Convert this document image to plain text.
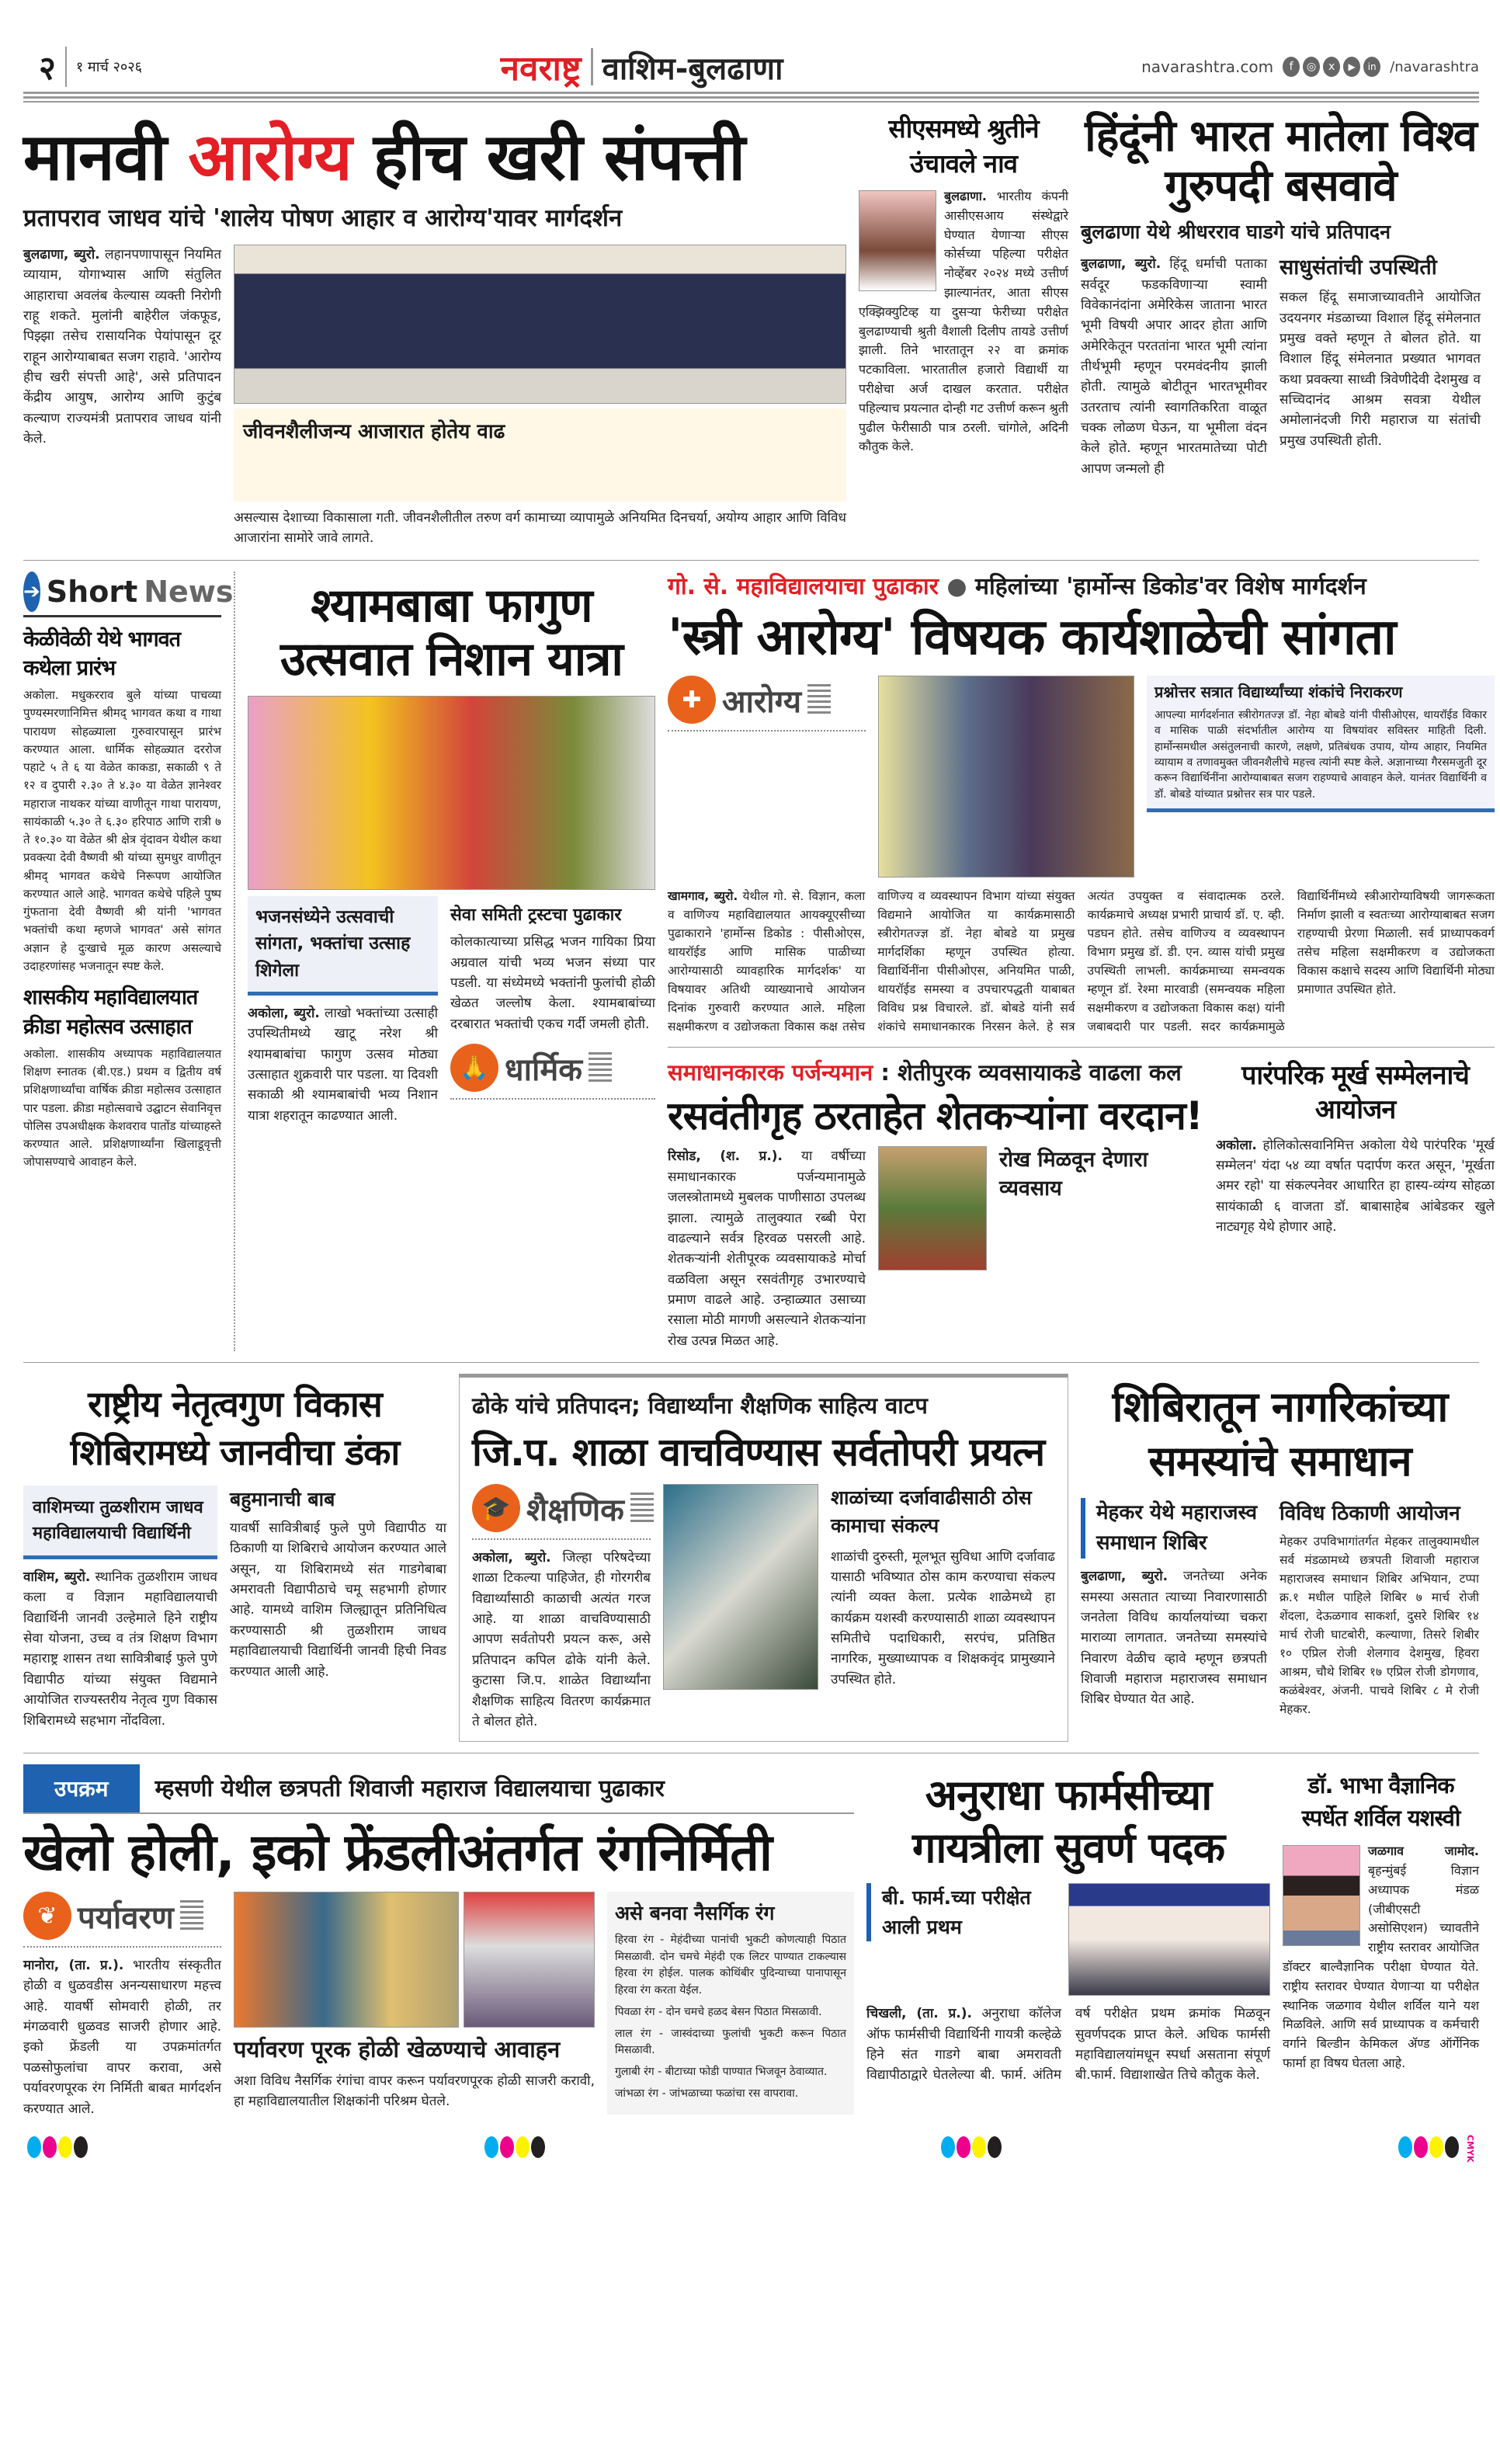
२ १ मार्च २०२६	नवराष्ट्र वाशिम-बुलढाणा	navarashtra.com	f	◎	x	▶	in /navarashtra
मानवी आरोग्य हीच खरी संपत्ती
प्रतापराव जाधव यांचे 'शालेय पोषण आहार व आरोग्य'यावर मार्गदर्शन
बुलढाणा, ब्युरो. लहानपणापासून नियमित व्यायाम, योगाभ्यास आणि संतुलित आहाराचा अवलंब केल्यास व्यक्ती निरोगी राहू शकते. मुलांनी बाहेरील जंकफूड, पिझ्झा तसेच रासायनिक पेयांपासून दूर राहून आरोग्याबाबत सजग राहावे. 'आरोग्य हीच खरी संपत्ती आहे', असे प्रतिपादन केंद्रीय आयुष, आरोग्य आणि कुटुंब कल्याण राज्यमंत्री प्रतापराव जाधव यांनी केले.	जीवनशैलीजन्य आजारात होतेय वाढ
असल्यास देशाच्या विकासाला गती. जीवनशैलीतील तरुण वर्ग कामाच्या व्यापामुळे अनियमित दिनचर्या, अयोग्य आहार आणि विविध आजारांना सामोरे जावे लागते.
सीएसमध्ये श्रुतीने उंचावले नाव
बुलढाणा. भारतीय कंपनी आसीएसआय संस्थेद्वारे घेण्यात येणाऱ्या सीएस कोर्सच्या पहिल्या परीक्षेत नोव्हेंबर २०२४ मध्ये उत्तीर्ण झाल्यानंतर, आता सीएस एक्झिक्युटिव्ह या दुसऱ्या फेरीच्या परीक्षेत बुलढाण्याची श्रुती वैशाली दिलीप तायडे उत्तीर्ण झाली. तिने भारतातून २२ वा क्रमांक पटकाविला. भारतातील हजारो विद्यार्थी या परीक्षेचा अर्ज दाखल करतात. परीक्षेत पहिल्याच प्रयत्नात दोन्ही गट उत्तीर्ण करून श्रुती पुढील फेरीसाठी पात्र ठरली. चांगोले, अदिनी कौतुक केले.
हिंदूंनी भारत मातेला विश्व गुरुपदी बसवावे
बुलढाणा येथे श्रीधरराव घाडगे यांचे प्रतिपादन
बुलढाणा, ब्युरो. हिंदू धर्माची पताका सर्वदूर फडकविणाऱ्या स्वामी विवेकानंदांना अमेरिकेस जाताना भारत भूमी विषयी अपार आदर होता आणि अमेरिकेतून परततांना भारत भूमी त्यांना तीर्थभूमी म्हणून परमवंदनीय झाली होती. त्यामुळे बोटीतून भारतभूमीवर उतरताच त्यांनी स्वागतिकरिता वाळूत चक्क लोळण घेऊन, या भूमीला वंदन केले होते. म्हणून भारतमातेच्या पोटी आपण जन्मलो ही
साधुसंतांची उपस्थिती
सकल हिंदू समाजाच्यावतीने आयोजित उदयनगर मंडळाच्या विशाल हिंदू संमेलनात प्रमुख वक्ते म्हणून ते बोलत होते. या विशाल हिंदू संमेलनात प्रख्यात भागवत कथा प्रवक्त्या साध्वी त्रिवेणीदेवी देशमुख व सच्चिदानंद आश्रम सवत्रा येथील अमोलानंदजी गिरी महाराज या संतांची प्रमुख उपस्थिती होती.
➔ Short News
केळीवेळी येथे भागवत कथेला प्रारंभ
अकोला. मधुकरराव बुले यांच्या पाचव्या पुण्यस्मरणानिमित्त श्रीमद्‌ भागवत कथा व गाथा पारायण सोहळ्याला गुरुवारपासून प्रारंभ करण्यात आला. धार्मिक सोहळ्यात दररोज पहाटे ५ ते ६ या वेळेत काकडा, सकाळी ९ ते १२ व दुपारी २.३० ते ४.३० या वेळेत ज्ञानेश्वर महाराज नाथकर यांच्या वाणीतून गाथा पारायण, सायंकाळी ५.३० ते ६.३० हरिपाठ आणि रात्री ७ ते १०.३० या वेळेत श्री क्षेत्र वृंदावन येथील कथा प्रवक्त्या देवी वैष्णवी श्री यांच्या सुमधुर वाणीतून श्रीमद्‌ भागवत कथेचे निरूपण आयोजित करण्यात आले आहे. भागवत कथेचे पहिले पुष्प गुंफताना देवी वैष्णवी श्री यांनी 'भागवत भक्तांची कथा म्हणजे भागवत' असे सांगत अज्ञान हे दुःखाचे मूळ कारण असल्याचे उदाहरणांसह भजनातून स्पष्ट केले.
शासकीय महाविद्यालयात क्रीडा महोत्सव उत्साहात
अकोला. शासकीय अध्यापक महाविद्यालयात शिक्षण स्नातक (बी.एड.) प्रथम व द्वितीय वर्ष प्रशिक्षणार्थ्यांचा वार्षिक क्रीडा महोत्सव उत्साहात पार पडला. क्रीडा महोत्सवाचे उद्घाटन सेवानिवृत्त पोलिस उपअधीक्षक केशवराव पातोंड यांच्याहस्ते करण्यात आले. प्रशिक्षणार्थ्यांना खिलाडूवृत्ती जोपासण्याचे आवाहन केले.
श्यामबाबा फागुण उत्सवात निशान यात्रा
भजनसंध्येने उत्सवाची सांगता, भक्तांचा उत्साह शिगेला
अकोला, ब्युरो. लाखो भक्तांच्या उत्साही उपस्थितीमध्ये खाटू नरेश श्री श्यामबाबांचा फागुण उत्सव मोठ्या उत्साहात शुक्रवारी पार पडला. या दिवशी सकाळी श्री श्यामबाबांची भव्य निशान यात्रा शहरातून काढण्यात आली.
सेवा समिती ट्रस्टचा पुढाकार
कोलकात्याच्या प्रसिद्ध भजन गायिका प्रिया अग्रवाल यांची भव्य भजन संध्या पार पडली. या संध्येमध्ये भक्तांनी फुलांची होळी खेळत जल्लोष केला. श्यामबाबांच्या दरबारात भक्तांची एकच गर्दी जमली होती.
🙏 धार्मिक
गो. से. महाविद्यालयाचा पुढाकार ● महिलांच्या 'हार्मोन्स डिकोड'वर विशेष मार्गदर्शन
'स्त्री आरोग्य' विषयक कार्यशाळेची सांगता
✚ आरोग्य	प्रश्नोत्तर सत्रात विद्यार्थ्यांच्या शंकांचे निराकरण
आपल्या मार्गदर्शनात स्त्रीरोगतज्ज्ञ डॉ. नेहा बोबडे यांनी पीसीओएस, थायरॉईड विकार व मासिक पाळी संदर्भातील आरोग्य या विषयांवर सविस्तर माहिती दिली. हार्मोन्समधील असंतुलनाची कारणे, लक्षणे, प्रतिबंधक उपाय, योग्य आहार, नियमित व्यायाम व तणावमुक्त जीवनशैलीचे महत्त्व त्यांनी स्पष्ट केले. अज्ञानाच्या गैरसमजुती दूर करून विद्यार्थिनींना आरोग्याबाबत सजग राहण्याचे आवाहन केले. यानंतर विद्यार्थिनी व डॉ. बोबडे यांच्यात प्रश्नोत्तर सत्र पार पडले.
खामगाव, ब्युरो. येथील गो. से. विज्ञान, कला व वाणिज्य महाविद्यालयात आयक्यूएसीच्या पुढाकाराने 'हार्मोन्स डिकोड : पीसीओएस, थायरॉईड आणि मासिक पाळीच्या आरोग्यासाठी व्यावहारिक मार्गदर्शक' या विषयावर अतिथी व्याख्यानाचे आयोजन दिनांक गुरुवारी करण्यात आले. महिला सक्षमीकरण व उद्योजकता विकास कक्ष तसेच वाणिज्य व व्यवस्थापन विभाग यांच्या संयुक्त विद्यमाने आयोजित या कार्यक्रमासाठी स्त्रीरोगतज्ज्ञ डॉ. नेहा बोबडे या प्रमुख मार्गदर्शिका म्हणून उपस्थित होत्या. विद्यार्थिनींना पीसीओएस, अनियमित पाळी, थायरॉईड समस्या व उपचारपद्धती याबाबत विविध प्रश्न विचारले. डॉ. बोबडे यांनी सर्व शंकांचे समाधानकारक निरसन केले. हे सत्र अत्यंत उपयुक्त व संवादात्मक ठरले. कार्यक्रमाचे अध्यक्ष प्रभारी प्राचार्य डॉ. ए. व्ही. पडघन होते. तसेच वाणिज्य व व्यवस्थापन विभाग प्रमुख डॉ. डी. एन. व्यास यांची प्रमुख उपस्थिती लाभली. कार्यक्रमाच्या समन्वयक म्हणून डॉ. रेश्मा मारवाडी (समन्वयक महिला सक्षमीकरण व उद्योजकता विकास कक्ष) यांनी जबाबदारी पार पडली. सदर कार्यक्रमामुळे विद्यार्थिनींमध्ये स्त्रीआरोग्याविषयी जागरूकता निर्माण झाली व स्वतःच्या आरोग्याबाबत सजग राहण्याची प्रेरणा मिळाली. सर्व प्राध्यापकवर्ग तसेच महिला सक्षमीकरण व उद्योजकता विकास कक्षाचे सदस्य आणि विद्यार्थिनी मोठ्या प्रमाणात उपस्थित होते.
समाधानकारक पर्जन्यमान : शेतीपुरक व्यवसायाकडे वाढला कल
रसवंतीगृह ठरताहेत शेतकऱ्यांना वरदान!
रिसोड, (श. प्र.). या वर्षीच्या समाधानकारक पर्जन्यमानामुळे जलस्त्रोतामध्ये मुबलक पाणीसाठा उपलब्ध झाला. त्यामुळे तालुक्यात रब्बी पेरा वाढल्याने सर्वत्र हिरवळ पसरली आहे. शेतकऱ्यांनी शेतीपूरक व्यवसायाकडे मोर्चा वळविला असून रसवंतीगृह उभारण्याचे प्रमाण वाढले आहे. उन्हाळ्यात उसाच्या रसाला मोठी मागणी असल्याने शेतकऱ्यांना रोख उत्पन्न मिळत आहे.
रोख मिळवून देणारा व्यवसाय
पारंपरिक मूर्ख सम्मेलनाचे आयोजन
अकोला. होलिकोत्सवानिमित्त अकोला येथे पारंपरिक 'मूर्ख सम्मेलन' यंदा ५४ व्या वर्षात पदार्पण करत असून, 'मूर्खता अमर रहो' या संकल्पनेवर आधारित हा हास्य-व्यंग्य सोहळा सायंकाळी ६ वाजता डॉ. बाबासाहेब आंबेडकर खुले नाट्यगृह येथे होणार आहे.
राष्ट्रीय नेतृत्वगुण विकास शिबिरामध्ये जानवीचा डंका
वाशिमच्या तुळशीराम जाधव महाविद्यालयाची विद्यार्थिनी
वाशिम, ब्युरो. स्थानिक तुळशीराम जाधव कला व विज्ञान महाविद्यालयाची विद्यार्थिनी जानवी उल्हेमाले हिने राष्ट्रीय सेवा योजना, उच्च व तंत्र शिक्षण विभाग महाराष्ट्र शासन तथा सावित्रीबाई फुले पुणे विद्यापीठ यांच्या संयुक्त विद्यमाने आयोजित राज्यस्तरीय नेतृत्व गुण विकास शिबिरामध्ये सहभाग नोंदविला.
बहुमानाची बाब
यावर्षी सावित्रीबाई फुले पुणे विद्यापीठ या ठिकाणी या शिबिराचे आयोजन करण्यात आले असून, या शिबिरामध्ये संत गाडगेबाबा अमरावती विद्यापीठाचे चमू सहभागी होणार आहे. यामध्ये वाशिम जिल्ह्यातून प्रतिनिधित्व करण्यासाठी श्री तुळशीराम जाधव महाविद्यालयाची विद्यार्थिनी जानवी हिची निवड करण्यात आली आहे.
ढोके यांचे प्रतिपादन; विद्यार्थ्यांना शैक्षणिक साहित्य वाटप
जि.प. शाळा वाचविण्यास सर्वतोपरी प्रयत्न
🎓 शैक्षणिक
अकोला, ब्युरो. जिल्हा परिषदेच्या शाळा टिकल्या पाहिजेत, ही गोरगरीब विद्यार्थ्यांसाठी काळाची अत्यंत गरज आहे. या शाळा वाचविण्यासाठी आपण सर्वतोपरी प्रयत्न करू, असे प्रतिपादन कपिल ढोके यांनी केले. कुटासा जि.प. शाळेत विद्यार्थ्यांना शैक्षणिक साहित्य वितरण कार्यक्रमात ते बोलत होते.
शाळांच्या दर्जावाढीसाठी ठोस कामाचा संकल्प
शाळांची दुरुस्ती, मूलभूत सुविधा आणि दर्जावाढ यासाठी भविष्यात ठोस काम करण्याचा संकल्प त्यांनी व्यक्त केला. प्रत्येक शाळेमध्ये हा कार्यक्रम यशस्वी करण्यासाठी शाळा व्यवस्थापन समितीचे पदाधिकारी, सरपंच, प्रतिष्ठित नागरिक, मुख्याध्यापक व शिक्षकवृंद प्रामुख्याने उपस्थित होते.
शिबिरातून नागरिकांच्या समस्यांचे समाधान
मेहकर येथे महाराजस्व समाधान शिबिर
बुलढाणा, ब्युरो. जनतेच्या अनेक समस्या असतात त्याच्या निवारणासाठी जनतेला विविध कार्यालयांच्या चकरा माराव्या लागतात. जनतेच्या समस्यांचे निवारण वेळीच व्हावे म्हणून छत्रपती शिवाजी महाराज महाराजस्व समाधान शिबिर घेण्यात येत आहे.
विविध ठिकाणी आयोजन
मेहकर उपविभागांतर्गत मेहकर तालुक्यामधील सर्व मंडळामध्ये छत्रपती शिवाजी महाराज महाराजस्व समाधान शिबिर अभियान, टप्पा क्र.१ मधील पाहिले शिबिर ७ मार्च रोजी शेंदला, देऊळगाव साकर्शा, दुसरे शिबिर १४ मार्च रोजी घाटबोरी, कल्याणा, तिसरे शिबीर १० एप्रिल रोजी शेलगाव देशमुख, हिवरा आश्रम, चौथे शिबिर १७ एप्रिल रोजी डोगणाव, कळंबेश्वर, अंजनी. पाचवे शिबिर ८ मे रोजी मेहकर.
उपक्रम	म्हसणी येथील छत्रपती शिवाजी महाराज विद्यालयाचा पुढाकार
खेलो होली, इको फ्रेंडलीअंतर्गत रंगनिर्मिती
❦ पर्यावरण
मानोरा, (ता. प्र.). भारतीय संस्कृतीत होळी व धुळवडीस अनन्यसाधारण महत्त्व आहे. यावर्षी सोमवारी होळी, तर मंगळवारी धुळवड साजरी होणार आहे. इको फ्रेंडली या उपक्रमांतर्गत पळसोफुलांचा वापर करावा, असे पर्यावरणपूरक रंग निर्मिती बाबत मार्गदर्शन करण्यात आले.
पर्यावरण पूरक होळी खेळण्याचे आवाहन
अशा विविध नैसर्गिक रंगांचा वापर करून पर्यावरणपूरक होळी साजरी करावी, हा महाविद्यालयातील शिक्षकांनी परिश्रम घेतले.
असे बनवा नैसर्गिक रंग
हिरवा रंग - मेहंदीच्या पानांची भुकटी कोणत्याही पिठात मिसळावी. दोन चमचे मेहंदी एक लिटर पाण्यात टाकल्यास हिरवा रंग होईल. पालक कोथिंबीर पुदिन्याच्या पानापासून हिरवा रंग करता येईल.
पिवळा रंग - दोन चमचे हळद बेसन पिठात मिसळावी.
लाल रंग - जास्वंदाच्या फुलांची भुकटी करून पिठात मिसळावी.
गुलाबी रंग - बीटाच्या फोडी पाण्यात भिजवून ठेवाव्यात.
जांभळा रंग - जांभळाच्या फळांचा रस वापरावा.
अनुराधा फार्मसीच्या गायत्रीला सुवर्ण पदक
बी. फार्म.च्या परीक्षेत आली प्रथम
चिखली, (ता. प्र.). अनुराधा कॉलेज ऑफ फार्मसीची विद्यार्थिनी गायत्री कल्हेळे हिने संत गाडगे बाबा अमरावती विद्यापीठाद्वारे घेतलेल्या बी. फार्म. अंतिम वर्ष परीक्षेत प्रथम क्रमांक मिळवून सुवर्णपदक प्राप्त केले. अधिक फार्मसी महाविद्यालयांमधून स्पर्धा असताना संपूर्ण बी.फार्म. विद्याशाखेत तिचे कौतुक केले.
डॉ. भाभा वैज्ञानिक स्पर्धेत शर्विल यशस्वी
जळगाव जामोद. बृहन्मुंबई विज्ञान अध्यापक मंडळ (जीबीएसटी असोसिएशन) च्यावतीने राष्ट्रीय स्तरावर आयोजित डॉक्टर बाल्वैज्ञानिक परीक्षा घेण्यात येते. राष्ट्रीय स्तरावर घेण्यात येणाऱ्या या परीक्षेत स्थानिक जळगाव येथील शर्विल याने यश मिळविले. आणि सर्व प्राध्यापक व कर्मचारी वर्गाने बिल्डीन केमिकल ॲण्ड ऑर्गेनिक फार्मा हा विषय घेतला आहे.
CMYK
